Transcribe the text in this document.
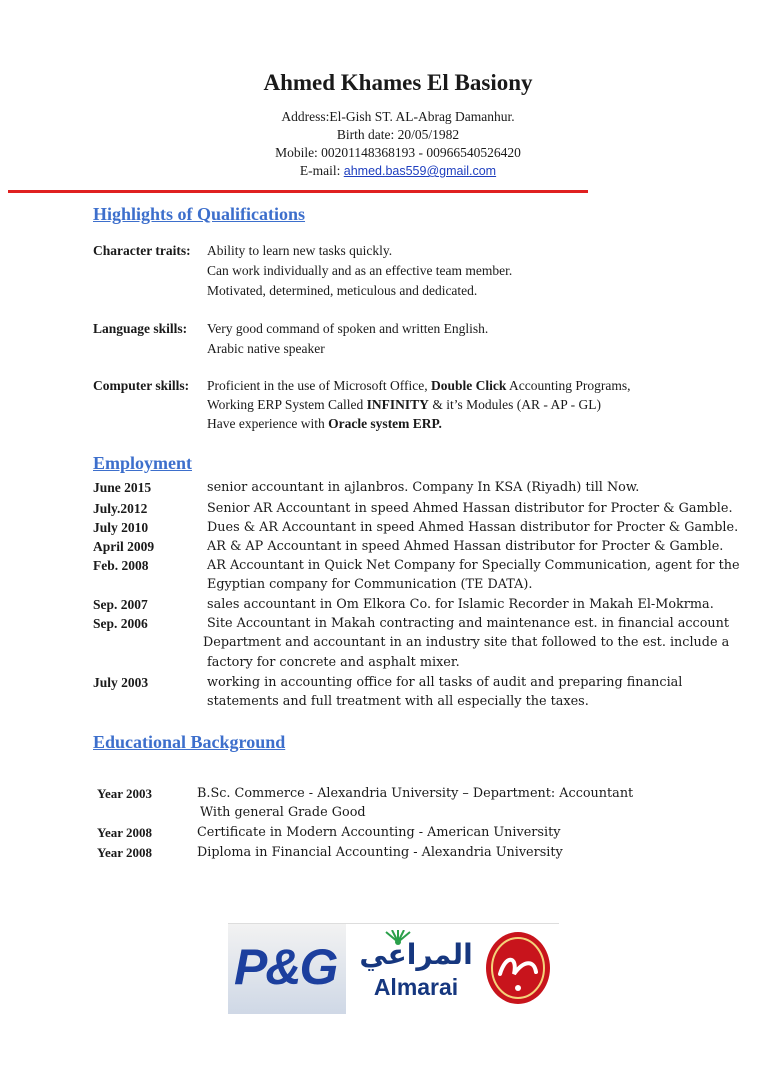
Ahmed Khames El Basiony
Address:El-Gish ST. AL-Abrag Damanhur.
Birth date: 20/05/1982
Mobile: 00201148368193 - 00966540526420
E-mail: ahmed.bas559@gmail.com
Highlights of Qualifications
Character traits: Ability to learn new tasks quickly.
Can work individually and as an effective team member.
Motivated, determined, meticulous and dedicated.
Language skills: Very good command of spoken and written English.
Arabic native speaker
Computer skills: Proficient in the use of Microsoft Office, Double Click Accounting Programs,
Working ERP System Called INFINITY & it’s Modules (AR - AP - GL)
Have experience with Oracle system ERP.
Employment
June 2015	senior accountant in ajlanbros. Company In KSA (Riyadh) till Now.
July.2012	Senior AR Accountant in speed Ahmed Hassan distributor for Procter & Gamble.
July 2010	Dues & AR Accountant in speed Ahmed Hassan distributor for Procter & Gamble.
April 2009	AR & AP Accountant in speed Ahmed Hassan distributor for Procter & Gamble.
Feb. 2008	AR Accountant in Quick Net Company for Specially Communication, agent for the
Egyptian company for Communication (TE DATA).
Sep. 2007	sales accountant in Om Elkora Co. for Islamic Recorder in Makah El-Mokrma.
Sep. 2006	Site Accountant in Makah contracting and maintenance est. in financial account
Department and accountant in an industry site that followed to the est. include a
factory for concrete and asphalt mixer.
July 2003	working in accounting office for all tasks of audit and preparing financial
statements and full treatment with all especially the taxes.
Educational Background
Year 2003	B.Sc. Commerce - Alexandria University – Department: Accountant
With general Grade Good
Year 2008	Certificate in Modern Accounting - American University
Year 2008	Diploma in Financial Accounting - Alexandria University
P&G المراعي
Almarai
